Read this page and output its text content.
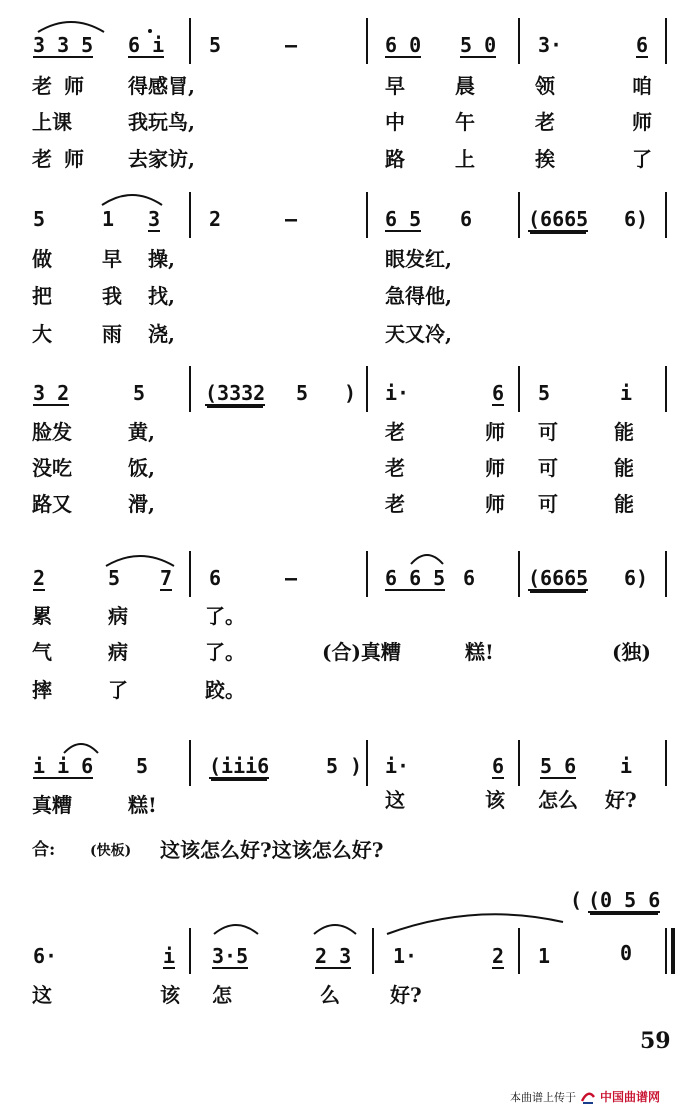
3 3 5 6 i 5	—	6 0 5 0 3·	6
老 师 得感冒,	早	晨	领	咱
上课	我玩鸟,	中	午	老	师
老 师 去家访,	路	上	挨	了
5	1 3 2	—	6 5 6	(6665 6)
做	早 操,	眼发红,
把	我 找,	急得他,
大	雨 浇,	天又冷,
3 2	5	(3332 5 ) i·	6 5	i
脸发	黄,	老	师 可	能
没吃	饭,	老	师 可	能
路又	滑,	老	师 可	能
2	5 7 6	—	6 6 5 6	(6665 6)
累	病	了。
气	病	了。	(合)真糟	糕!	(独)
摔	了	跤。
i i 6 5	(iii6	5 ) i·	6 5 6 i
真糟	糕!	这	该 怎么 好?
合: (快板) 这该怎么好?这该怎么好?
( (0 5 6
6·	i 3·5	2 3 1·	2 1	0
这	该 怎	么	好?
59
本曲谱上传于 中国曲谱网
